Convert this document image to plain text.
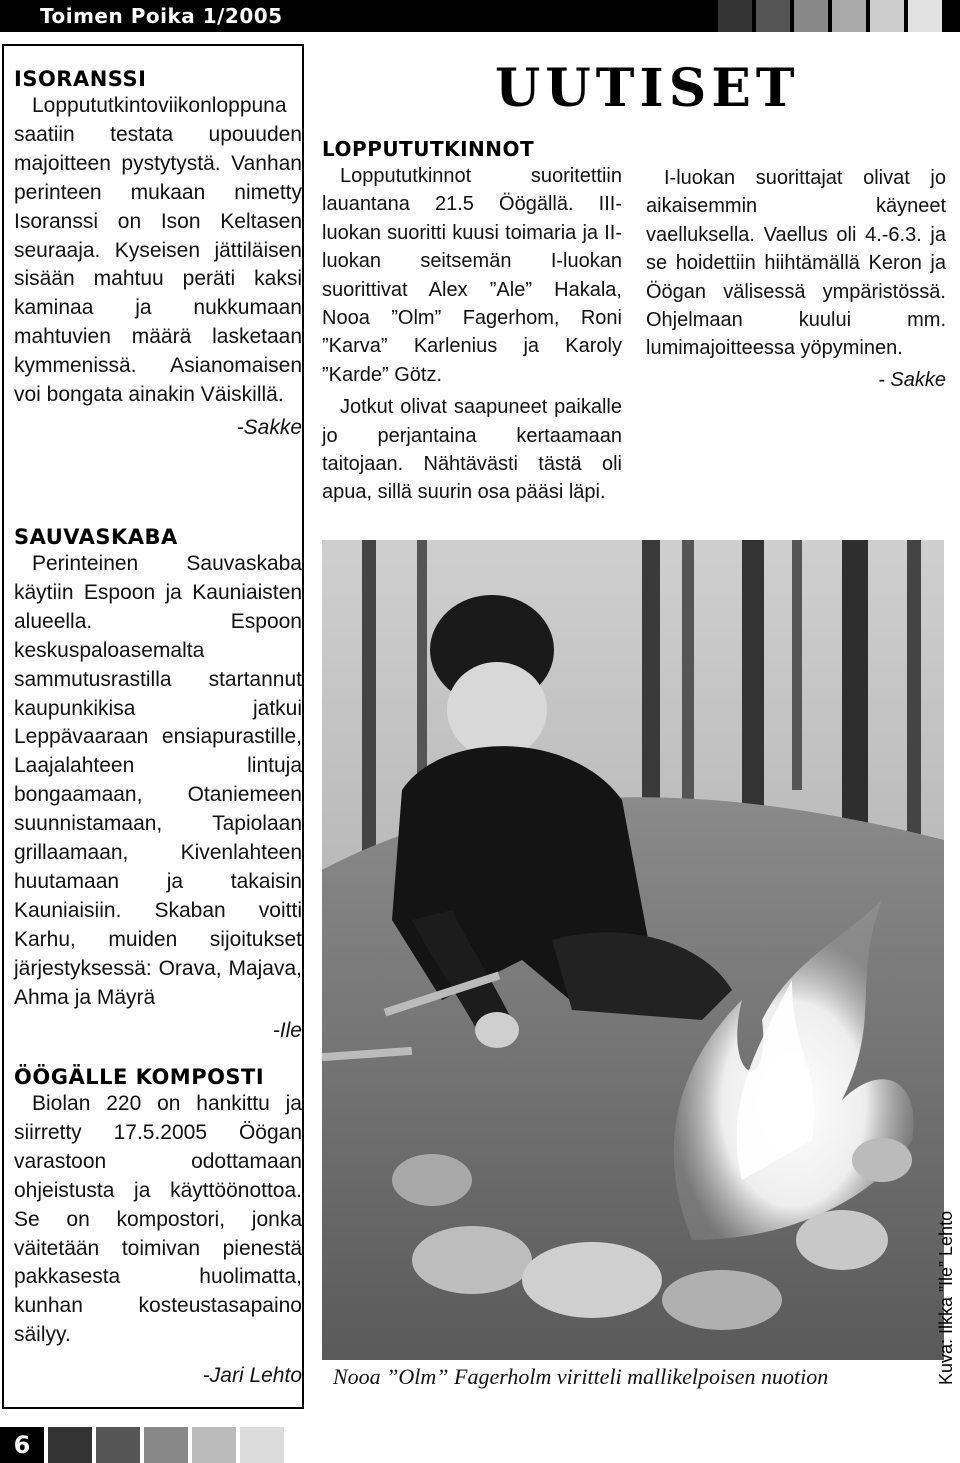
Toimen Poika 1/2005
ISORANSSI
Loppututkintoviikonloppuna saatiin testata upouuden majoitteen pystytystä. Vanhan perinteen mukaan nimetty Isoranssi on Ison Keltasen seuraaja. Kyseisen jättiläisen sisään mahtuu peräti kaksi kaminaa ja nukkumaan mahtuvien määrä lasketaan kymmenissä. Asianomaisen voi bongata ainakin Väiskillä.
-Sakke
SAUVASKABA
Perinteinen Sauvaskaba käytiin Espoon ja Kauniaisten alueella. Espoon keskuspaloasemalta sammutusrastilla startannut kaupunkikisa jatkui Leppävaaraan ensiapurastille, Laajalahteen lintuja bongaamaan, Otaniemeen suunnistamaan, Tapiolaan grillaamaan, Kivenlahteen huutamaan ja takaisin Kauniaisiin. Skaban voitti Karhu, muiden sijoitukset järjestyksessä: Orava, Majava, Ahma ja Mäyrä
-Ile
ÖÖGÄLLE KOMPOSTI
Biolan 220 on hankittu ja siirretty 17.5.2005 Öögan varastoon odottamaan ohjeistusta ja käyttöönottoa. Se on kompostori, jonka väitetään toimivan pienestä pakkasesta huolimatta, kunhan kosteustasapaino säilyy.
-Jari Lehto
UUTISET
LOPPUTUTKINNOT
Loppututkinnot suoritettiin lauantana 21.5 Öögällä. III-luokan suoritti kuusi toimaria ja II-luokan seitsemän I-luokan suorittivat Alex ”Ale” Hakala, Nooa ”Olm” Fagerhom, Roni ”Karva” Karlenius ja Karoly ”Karde” Götz.
Jotkut olivat saapuneet paikalle jo perjantaina kertaamaan taitojaan. Nähtävästi tästä oli apua, sillä suurin osa pääsi läpi.
I-luokan suorittajat olivat jo aikaisemmin käyneet vaelluksella. Vaellus oli 4.-6.3. ja se hoidettiin hiihtämällä Keron ja Öögan välisessä ympäristössä. Ohjelmaan kuului mm. lumimajoitteessa yöpyminen.
- Sakke
Nooa ”Olm” Fagerholm viritteli mallikelpoisen nuotion	Kuva: Ilkka ”Ile” Lehto
6
